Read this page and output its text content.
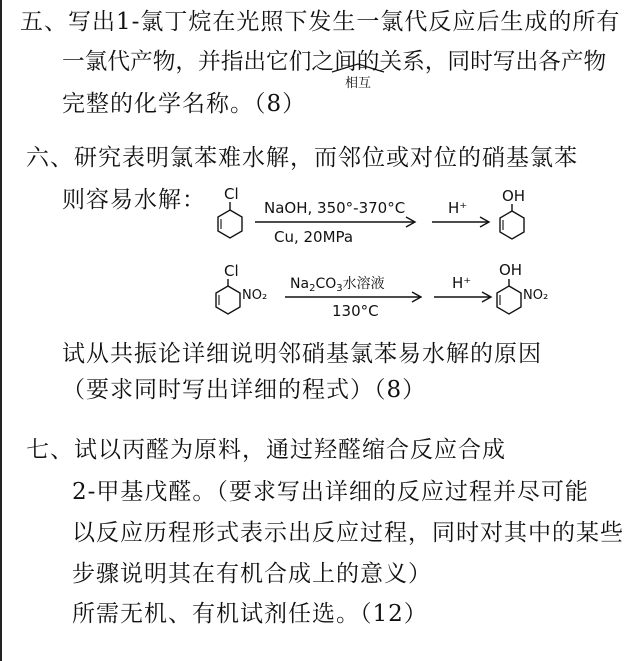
五、写出1-氯丁烷在光照下发生一氯代反应后生成的所有
一氯代产物，并指出它们之间的关系，同时写出各产物
完整的化学名称。（8）
相互
六、研究表明氯苯难水解，而邻位或对位的硝基氯苯
则容易水解： Cl
NaOH, 350°-370°C
Cu, 20MPa
H⁺
OH
Cl
NO₂
$Na_2CO_3$水溶液
130°C
H⁺
OH
NO₂
试从共振论详细说明邻硝基氯苯易水解的原因
（要求同时写出详细的程式）（8）
七、试以丙醛为原料，通过羟醛缩合反应合成
2-甲基戊醛。（要求写出详细的反应过程并尽可能
以反应历程形式表示出反应过程，同时对其中的某些
步骤说明其在有机合成上的意义）
所需无机、有机试剂任选。（12）
